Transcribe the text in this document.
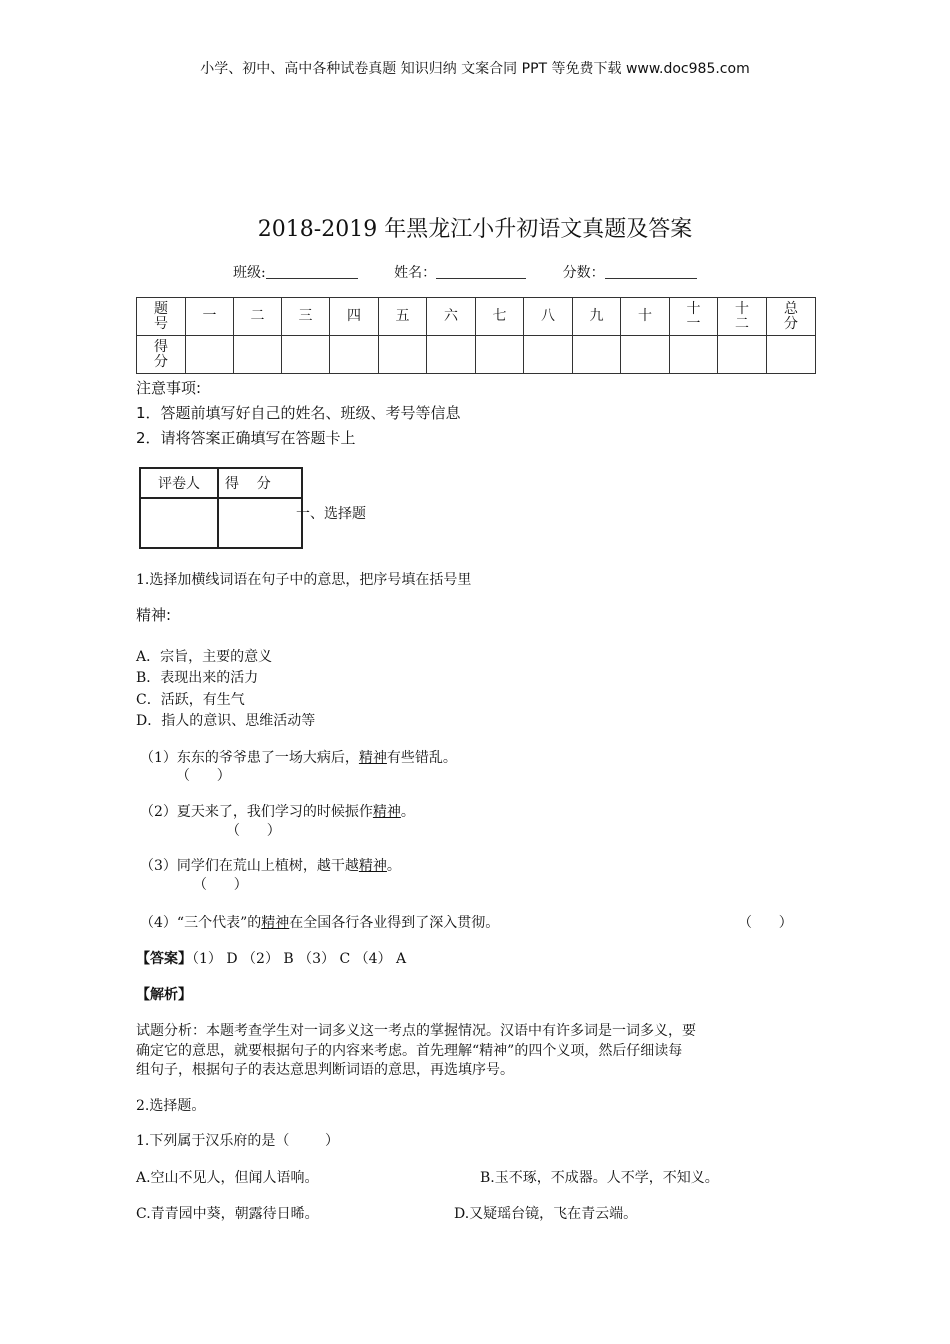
小学、初中、高中各种试卷真题 知识归纳 文案合同 PPT 等免费下载 www.doc985.com
2018-2019 年黑龙江小升初语文真题及答案
班级:	姓名：	分数：
题号	一	二	三	四	五	六	七	八	九	十	十一	十二	总分
得分													
注意事项:
1．答题前填写好自己的姓名、班级、考号等信息
2．请将答案正确填写在答题卡上
评卷人	得    分

一、选择题
1.选择加横线词语在句子中的意思，把序号填在括号里
精神:
A．宗旨，主要的意义
B．表现出来的活力
C．活跃，有生气
D．指人的意识、思维活动等
（1）东东的爷爷患了一场大病后，精神有些错乱。
（      ）
（2）夏天来了，我们学习的时候振作精神。
（      ）
（3）同学们在荒山上植树，越干越精神。
（      ）
（4）“三个代表”的精神在全国各行各业得到了深入贯彻。	（      ）
【答案】（1） D （2） B （3） C （4） A
【解析】
试题分析：本题考查学生对一词多义这一考点的掌握情况。汉语中有许多词是一词多义，要
确定它的意思，就要根据句子的内容来考虑。首先理解“精神”的四个义项，然后仔细读每
组句子，根据句子的表达意思判断词语的意思，再选填序号。
2.选择题。
1.下列属于汉乐府的是（        ）
A.空山不见人，但闻人语响。	B.玉不琢，不成器。人不学，不知义。
C.青青园中葵，朝露待日晞。	D.又疑瑶台镜，飞在青云端。
